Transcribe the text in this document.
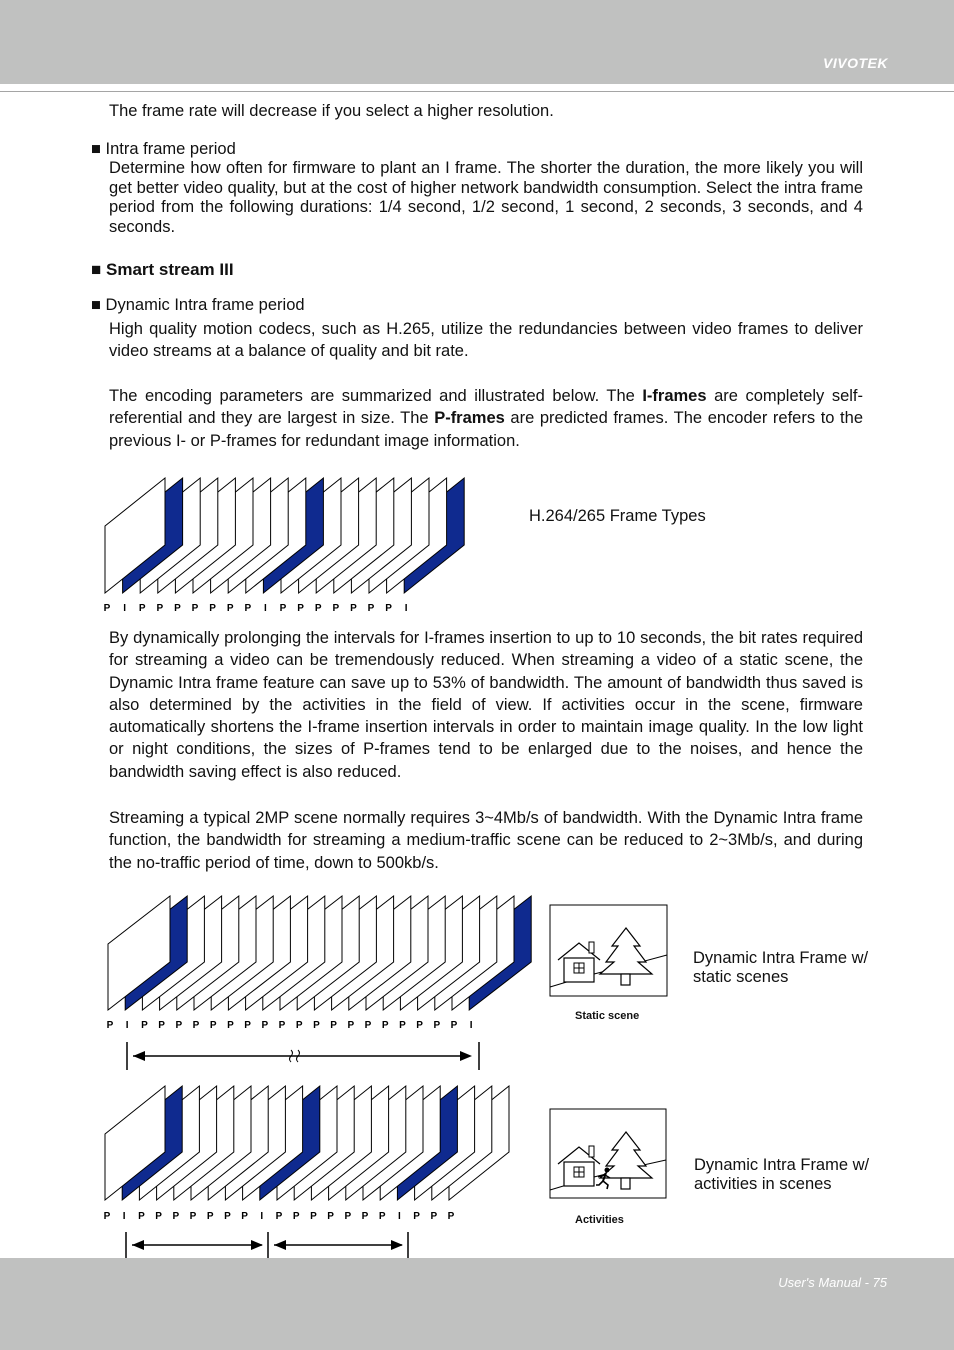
VIVOTEK

The frame rate will decrease if you select a higher resolution.

■ Intra frame period

Determine how often for firmware to plant an I frame. The shorter the duration, the more likely you will get better video quality, but at the cost of higher network bandwidth consumption. Select the intra frame period from the following durations: 1/4 second, 1/2 second, 1 second, 2 seconds, 3 seconds, and 4 seconds.

■ Smart stream III

■ Dynamic Intra frame period

High quality motion codecs, such as H.265, utilize the redundancies between video frames to deliver video streams at a balance of quality and bit rate.

The encoding parameters are summarized and illustrated below. The I-frames are completely self-referential and they are largest in size. The P-frames are predicted frames. The encoder refers to the previous I- or P-frames for redundant image information.

H.264/265 Frame Types

By dynamically prolonging the intervals for I-frames insertion to up to 10 seconds, the bit rates required for streaming a video can be tremendously reduced. When streaming a video of a static scene, the Dynamic Intra frame feature can save up to 53% of bandwidth. The amount of bandwidth thus saved is also determined by the activities in the field of view. If activities occur in the scene, firmware automatically shortens the I-frame insertion intervals in order to maintain image quality. In the low light or night conditions, the sizes of P-frames tend to be enlarged due to the noises, and hence the bandwidth saving effect is also reduced.

Streaming a typical 2MP scene normally requires 3~4Mb/s of bandwidth. With the Dynamic Intra frame function, the bandwidth for streaming a medium-traffic scene can be reduced to 2~3Mb/s, and during the no-traffic period of time, down to 500kb/s.

P I P P P P P P P I P P P P P P P I
P I P P P P P P P P P P P P P P P P P P P I
P I P P P P P P P I P P P P P P P I P P P
Static scene
Activities

Dynamic Intra Frame w/ static scenes

Dynamic Intra Frame w/ activities in scenes

User's Manual - 75
